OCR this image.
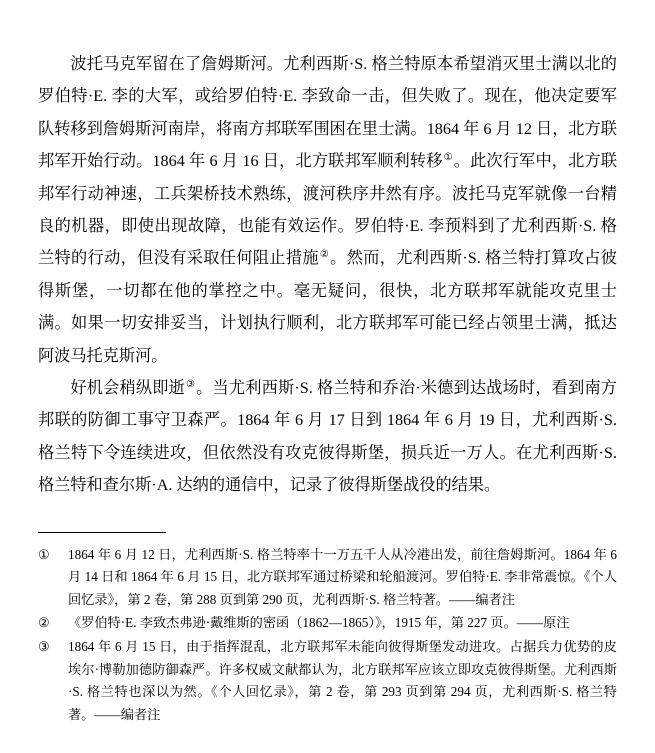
波托马克军留在了詹姆斯河。尤利西斯·S. 格兰特原本希望消灭里士满以北的罗伯特·E. 李的大军，或给罗伯特·E. 李致命一击，但失败了。现在，他决定要军队转移到詹姆斯河南岸，将南方邦联军围困在里士满。1864 年 6 月 12 日，北方联邦军开始行动。1864 年 6 月 16 日，北方联邦军顺利转移①。此次行军中，北方联邦军行动神速，工兵架桥技术熟练，渡河秩序井然有序。波托马克军就像一台精良的机器，即使出现故障，也能有效运作。罗伯特·E. 李预料到了尤利西斯·S. 格兰特的行动，但没有采取任何阻止措施②。然而，尤利西斯·S. 格兰特打算攻占彼得斯堡，一切都在他的掌控之中。毫无疑问，很快，北方联邦军就能攻克里士满。如果一切安排妥当，计划执行顺利，北方联邦军可能已经占领里士满，抵达阿波马托克斯河。

好机会稍纵即逝③。当尤利西斯·S. 格兰特和乔治·米德到达战场时，看到南方邦联的防御工事守卫森严。1864 年 6 月 17 日到 1864 年 6 月 19 日，尤利西斯·S. 格兰特下令连续进攻，但依然没有攻克彼得斯堡，损兵近一万人。在尤利西斯·S. 格兰特和查尔斯·A. 达纳的通信中，记录了彼得斯堡战役的结果。

①	1864 年 6 月 12 日，尤利西斯·S. 格兰特率十一万五千人从冷港出发，前往詹姆斯河。1864 年 6 月 14 日和 1864 年 6 月 15 日，北方联邦军通过桥梁和轮船渡河。罗伯特·E. 李非常震惊。《个人回忆录》，第 2 卷，第 288 页到第 290 页，尤利西斯·S. 格兰特著。——编者注
②	《罗伯特·E. 李致杰弗逊·戴维斯的密函（1862—1865）》，1915 年，第 227 页。——原注
③	1864 年 6 月 15 日，由于指挥混乱，北方联邦军未能向彼得斯堡发动进攻。占据兵力优势的皮埃尔·博勒加德防御森严。许多权威文献都认为，北方联邦军应该立即攻克彼得斯堡。尤利西斯·S. 格兰特也深以为然。《个人回忆录》，第 2 卷，第 293 页到第 294 页，尤利西斯·S. 格兰特著。——编者注
